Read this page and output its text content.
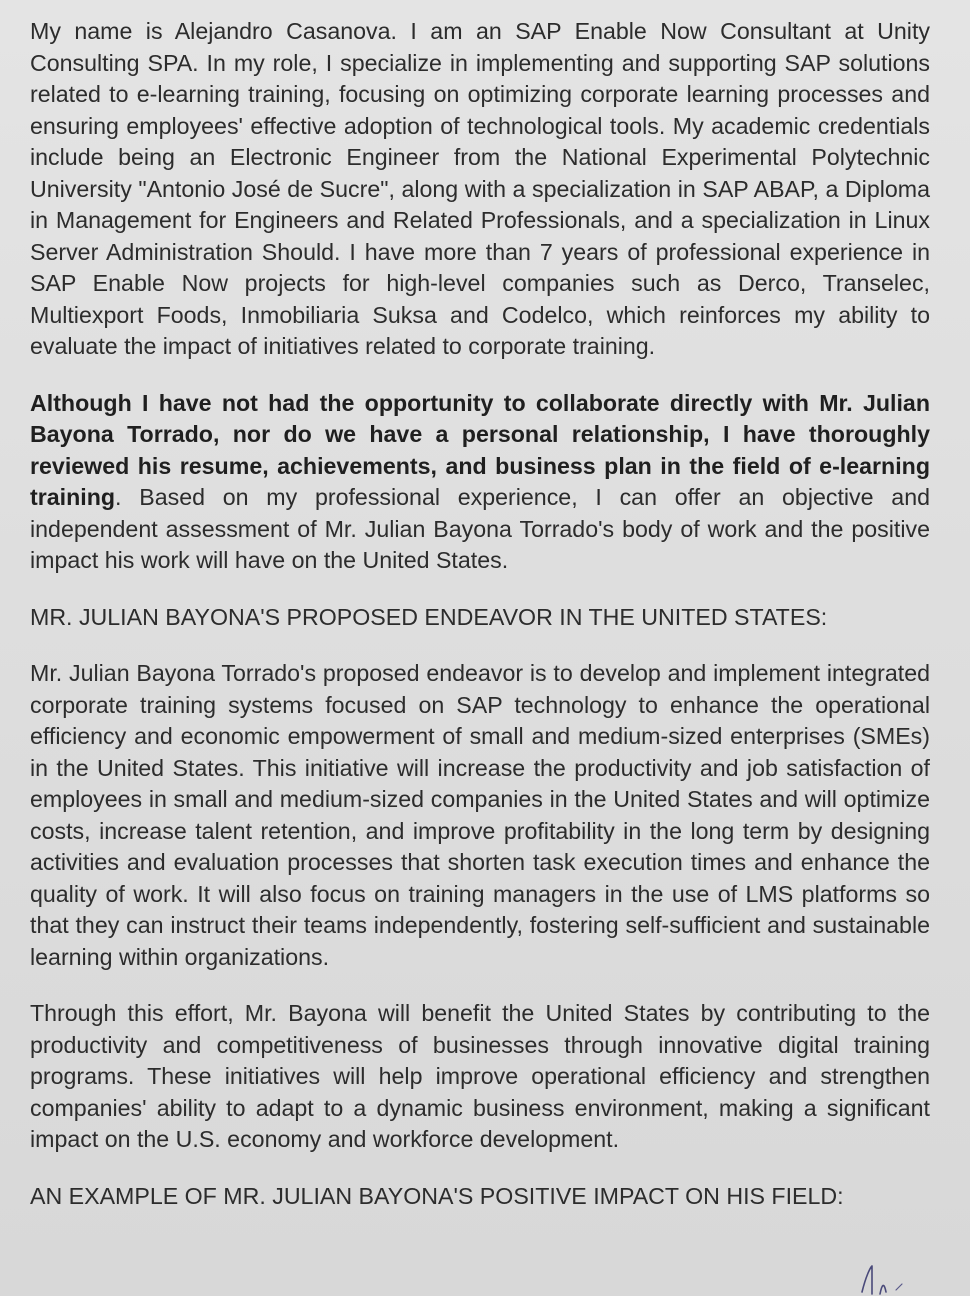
My name is Alejandro Casanova. I am an SAP Enable Now Consultant at Unity Consulting SPA. In my role, I specialize in implementing and supporting SAP solutions related to e-learning training, focusing on optimizing corporate learning processes and ensuring employees' effective adoption of technological tools. My academic credentials include being an Electronic Engineer from the National Experimental Polytechnic University "Antonio José de Sucre", along with a specialization in SAP ABAP, a Diploma in Management for Engineers and Related Professionals, and a specialization in Linux Server Administration Should. I have more than 7 years of professional experience in SAP Enable Now projects for high-level companies such as Derco, Transelec, Multiexport Foods, Inmobiliaria Suksa and Codelco, which reinforces my ability to evaluate the impact of initiatives related to corporate training.

Although I have not had the opportunity to collaborate directly with Mr. Julian Bayona Torrado, nor do we have a personal relationship, I have thoroughly reviewed his resume, achievements, and business plan in the field of e-learning training. Based on my professional experience, I can offer an objective and independent assessment of Mr. Julian Bayona Torrado's body of work and the positive impact his work will have on the United States.

MR. JULIAN BAYONA'S PROPOSED ENDEAVOR IN THE UNITED STATES:

Mr. Julian Bayona Torrado's proposed endeavor is to develop and implement integrated corporate training systems focused on SAP technology to enhance the operational efficiency and economic empowerment of small and medium-sized enterprises (SMEs) in the United States. This initiative will increase the productivity and job satisfaction of employees in small and medium-sized companies in the United States and will optimize costs, increase talent retention, and improve profitability in the long term by designing activities and evaluation processes that shorten task execution times and enhance the quality of work. It will also focus on training managers in the use of LMS platforms so that they can instruct their teams independently, fostering self-sufficient and sustainable learning within organizations.

Through this effort, Mr. Bayona will benefit the United States by contributing to the productivity and competitiveness of businesses through innovative digital training programs. These initiatives will help improve operational efficiency and strengthen companies' ability to adapt to a dynamic business environment, making a significant impact on the U.S. economy and workforce development.

AN EXAMPLE OF MR. JULIAN BAYONA'S POSITIVE IMPACT ON HIS FIELD:
